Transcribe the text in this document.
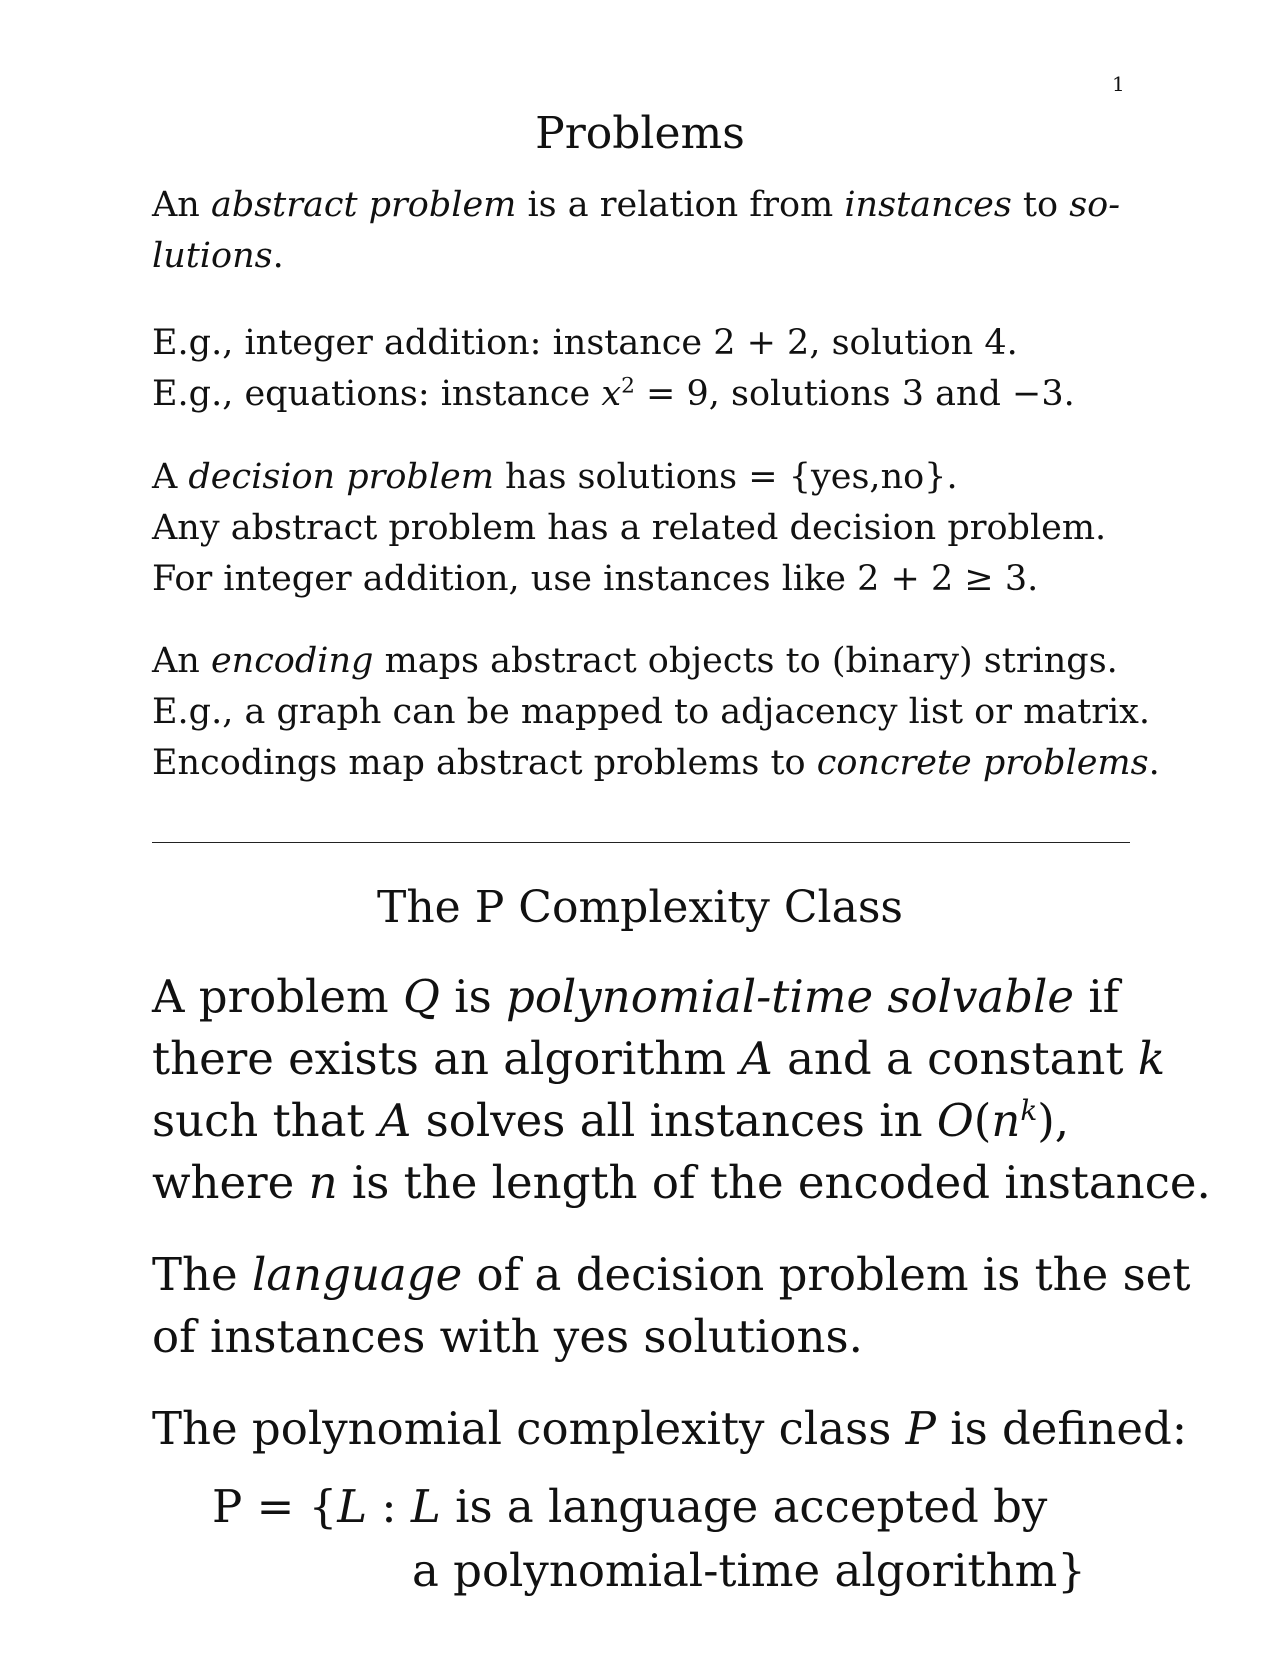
1
Problems
An abstract problem is a relation from instances to so-
lutions.
E.g., integer addition: instance 2 + 2, solution 4.
E.g., equations: instance $x^2 = 9$, solutions 3 and −3.
A decision problem has solutions = {yes,no}.
Any abstract problem has a related decision problem.
For integer addition, use instances like 2 + 2 ≥ 3.
An encoding maps abstract objects to (binary) strings.
E.g., a graph can be mapped to adjacency list or matrix.
Encodings map abstract problems to concrete problems.
The P Complexity Class
A problem Q is polynomial-time solvable if
there exists an algorithm A and a constant k
such that A solves all instances in $O(n^k)$,
where n is the length of the encoded instance.
The language of a decision problem is the set
of instances with yes solutions.
The polynomial complexity class P is defined:
P = {L : L is a language accepted by
a polynomial-time algorithm}
